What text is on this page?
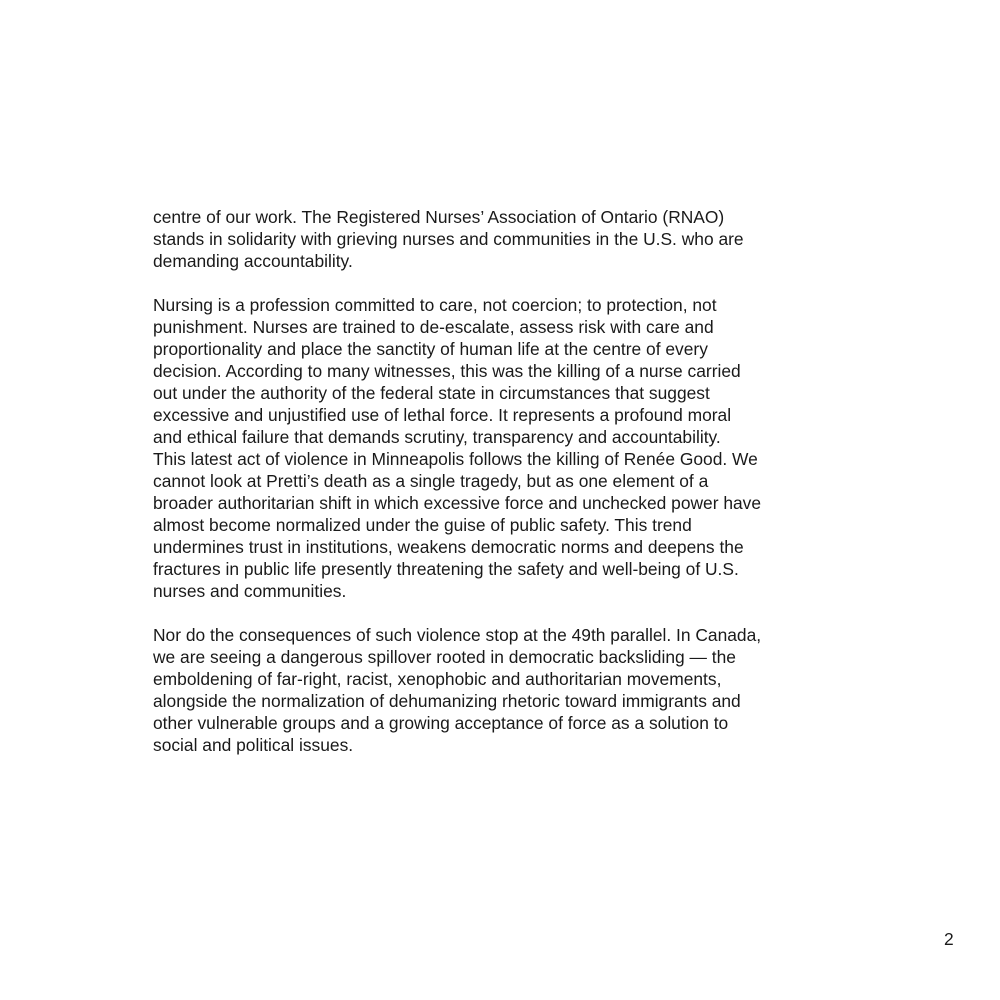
centre of our work. The Registered Nurses’ Association of Ontario (RNAO)
stands in solidarity with grieving nurses and communities in the U.S. who are
demanding accountability.

Nursing is a profession committed to care, not coercion; to protection, not
punishment. Nurses are trained to de-escalate, assess risk with care and
proportionality and place the sanctity of human life at the centre of every
decision. According to many witnesses, this was the killing of a nurse carried
out under the authority of the federal state in circumstances that suggest
excessive and unjustified use of lethal force. It represents a profound moral
and ethical failure that demands scrutiny, transparency and accountability.
This latest act of violence in Minneapolis follows the killing of Renée Good. We
cannot look at Pretti’s death as a single tragedy, but as one element of a
broader authoritarian shift in which excessive force and unchecked power have
almost become normalized under the guise of public safety. This trend
undermines trust in institutions, weakens democratic norms and deepens the
fractures in public life presently threatening the safety and well-being of U.S.
nurses and communities.

Nor do the consequences of such violence stop at the 49th parallel. In Canada,
we are seeing a dangerous spillover rooted in democratic backsliding — the
emboldening of far-right, racist, xenophobic and authoritarian movements,
alongside the normalization of dehumanizing rhetoric toward immigrants and
other vulnerable groups and a growing acceptance of force as a solution to
social and political issues.

2
